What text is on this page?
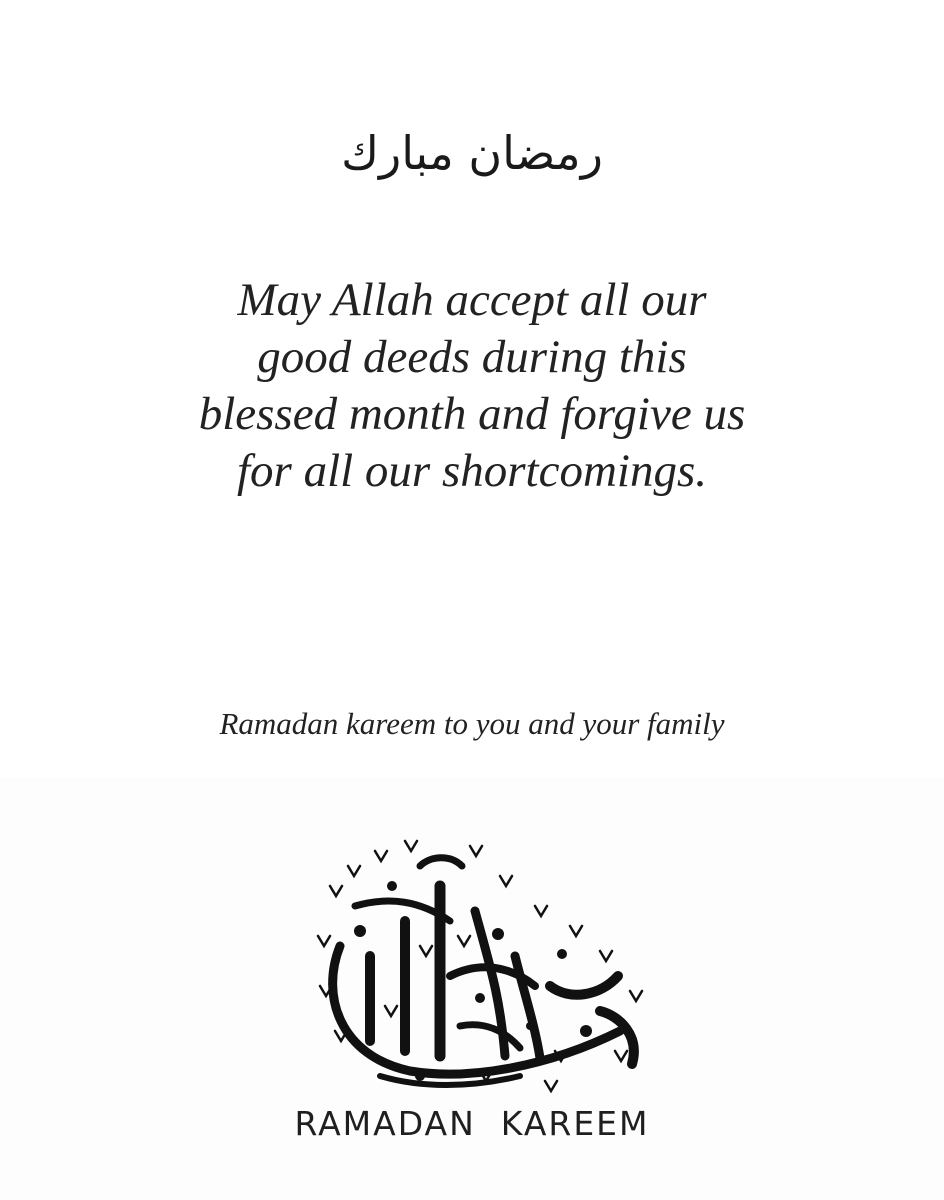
رمضان مبارك
May Allah accept all our
good deeds during this
blessed month and forgive us
for all our shortcomings.
Ramadan kareem to you and your family
RAMADAN  KAREEM
